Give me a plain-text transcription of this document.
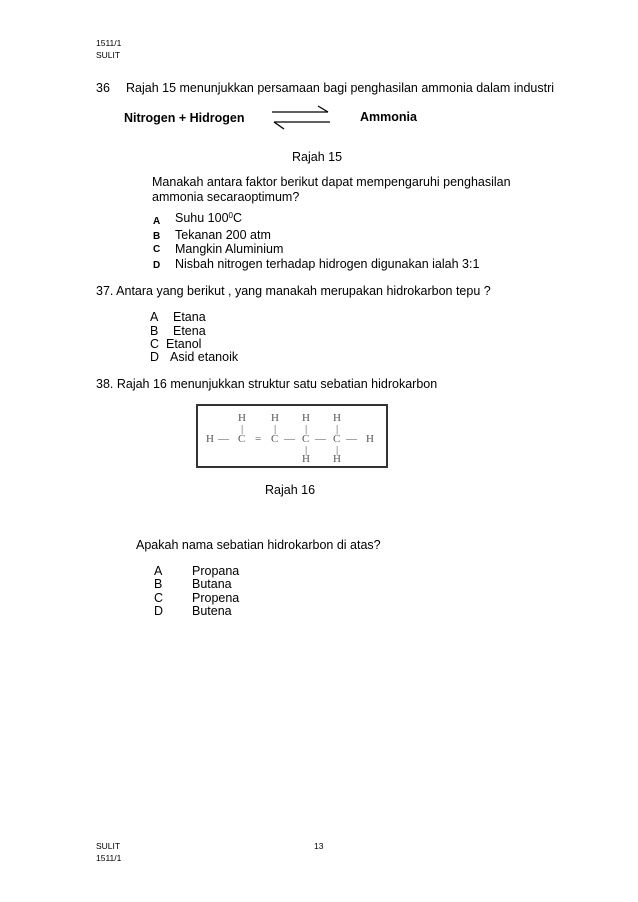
1511/1
SULIT
36 Rajah 15 menunjukkan persamaan bagi penghasilan ammonia dalam industri
Nitrogen + Hidrogen	Ammonia
Rajah 15
Manakah antara faktor berikut dapat mempengaruhi penghasilan
ammonia secaraoptimum?
A Suhu $100^0C$
B Tekanan 200 atm
C Mangkin Aluminium
D Nisbah nitrogen terhadap hidrogen digunakan ialah 3:1
37. Antara yang berikut , yang manakah merupakan hidrokarbon tepu ?
A Etana
B Etena
C Etanol
D Asid etanoik
38. Rajah 16 menunjukkan struktur satu sebatian hidrokarbon
H H H H
|	|	|	|
H — C = C — C — C — H
|	|
H H
Rajah 16
Apakah nama sebatian hidrokarbon di atas?
A Propana
B Butana
C Propena
D Butena
SULIT	13
1511/1
